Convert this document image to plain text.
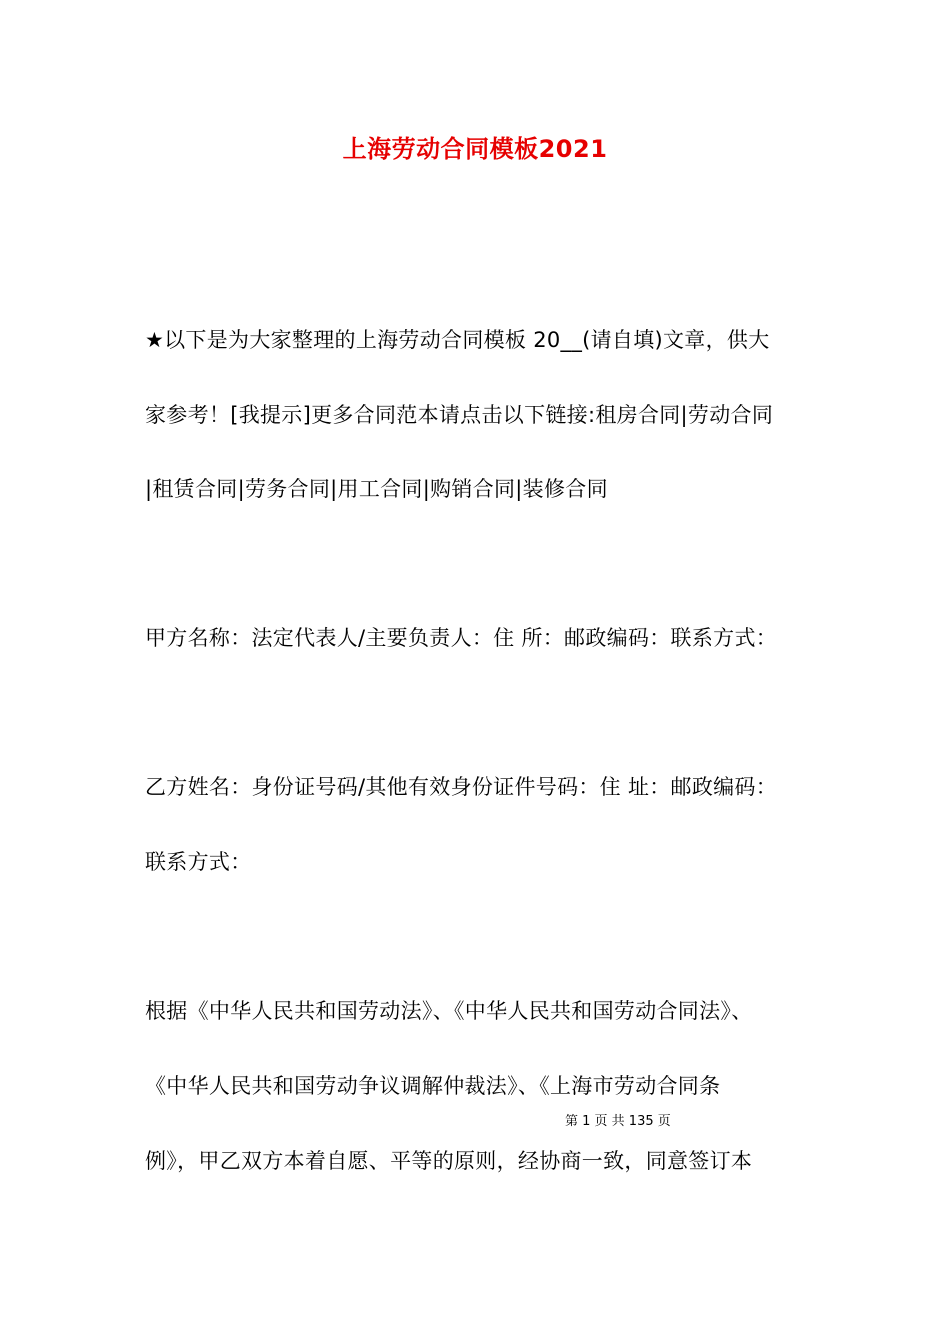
上海劳动合同模板2021
★以下是为大家整理的上海劳动合同模板 20__(请自填)文章，供大
家参考！[我提示]更多合同范本请点击以下链接:租房合同|劳动合同
|租赁合同|劳务合同|用工合同|购销合同|装修合同
甲方名称：法定代表人/主要负责人：住 所：邮政编码：联系方式：
乙方姓名：身份证号码/其他有效身份证件号码：住 址：邮政编码：
联系方式：
根据《中华人民共和国劳动法》、《中华人民共和国劳动合同法》、
《中华人民共和国劳动争议调解仲裁法》、《上海市劳动合同条
第 1 页 共 135 页
例》，甲乙双方本着自愿、平等的原则，经协商一致，同意签订本
